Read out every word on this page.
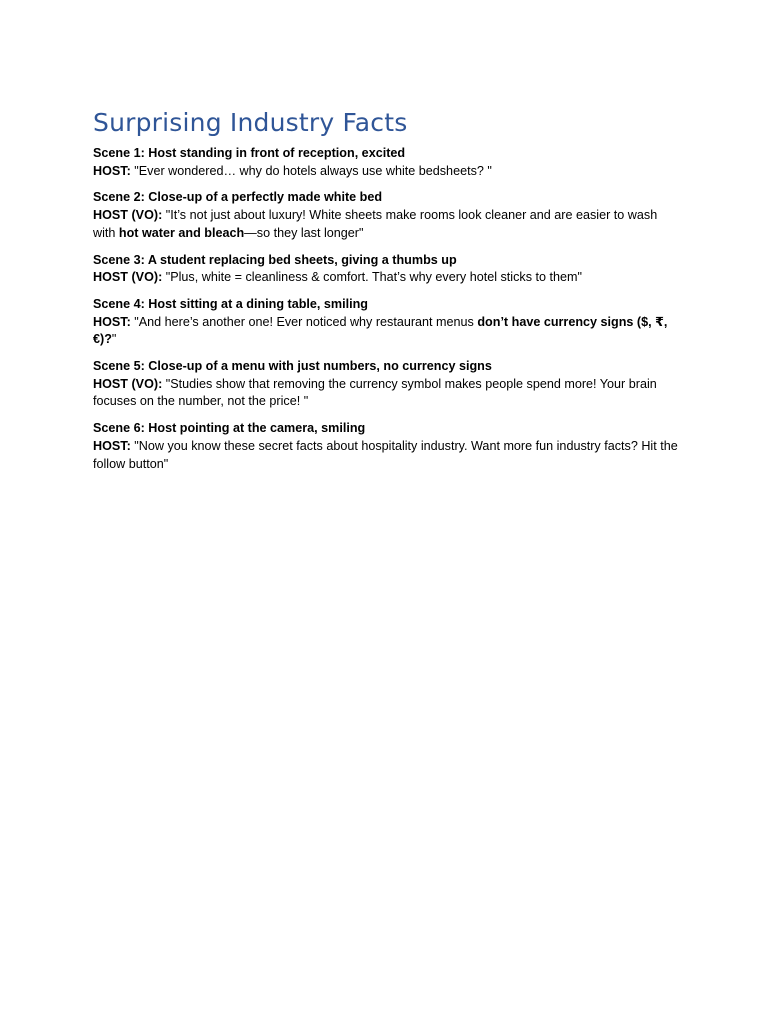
Surprising Industry Facts
Scene 1: Host standing in front of reception, excited
HOST: "Ever wondered… why do hotels always use white bedsheets? "
Scene 2: Close-up of a perfectly made white bed
HOST (VO): "It’s not just about luxury! White sheets make rooms look cleaner and are easier to wash with hot water and bleach—so they last longer"
Scene 3: A student replacing bed sheets, giving a thumbs up
HOST (VO): "Plus, white = cleanliness & comfort. That’s why every hotel sticks to them"
Scene 4: Host sitting at a dining table, smiling
HOST: "And here’s another one! Ever noticed why restaurant menus don’t have currency signs ($, ₹, €)?"
Scene 5: Close-up of a menu with just numbers, no currency signs
HOST (VO): "Studies show that removing the currency symbol makes people spend more! Your brain focuses on the number, not the price! "
Scene 6: Host pointing at the camera, smiling
HOST: "Now you know these secret facts about hospitality industry. Want more fun industry facts? Hit the follow button"
